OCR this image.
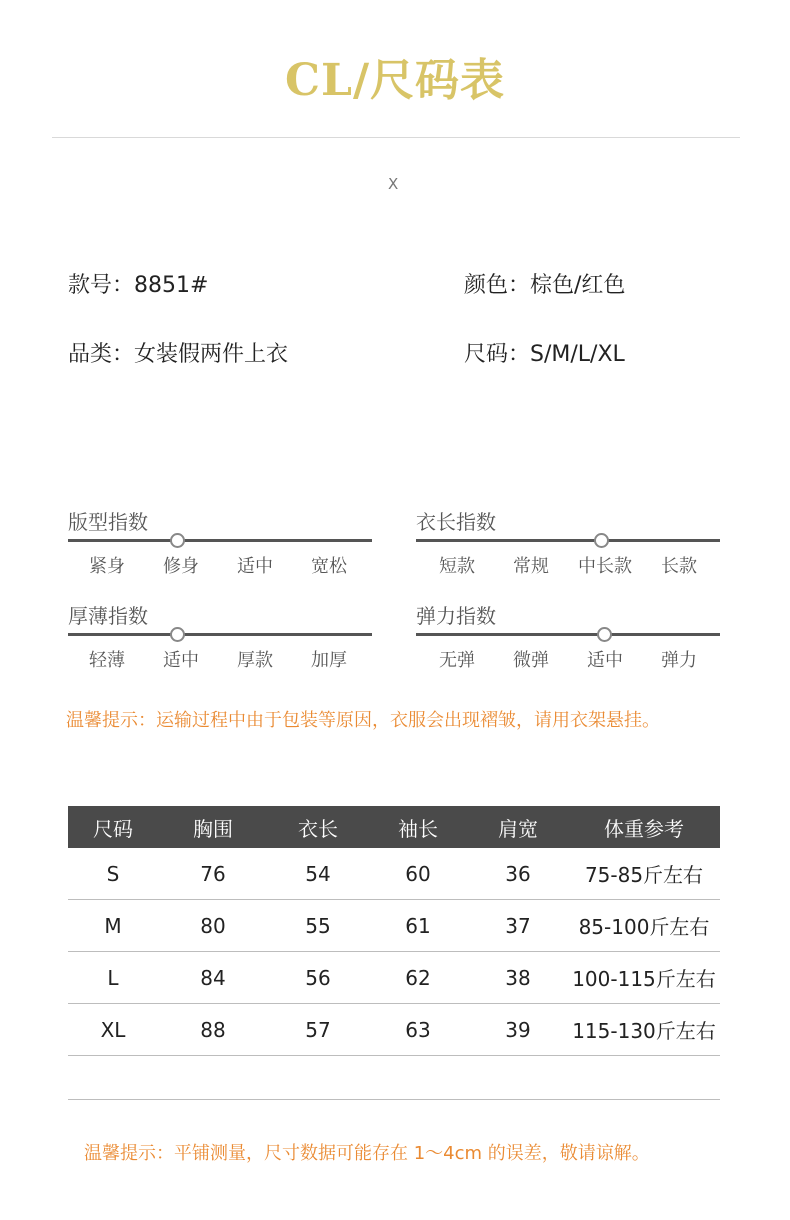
CL/尺码表
X
款号：8851#	颜色：棕色/红色
品类：女装假两件上衣	尺码：S/M/L/XL
版型指数
紧身	修身	适中	宽松
衣长指数
短款	常规	中长款	长款
厚薄指数
轻薄	适中	厚款	加厚
弹力指数
无弹	微弹	适中	弹力
温馨提示：运输过程中由于包装等原因，衣服会出现褶皱，请用衣架悬挂。
尺码	胸围	衣长	袖长	肩宽	体重参考
S	76	54	60	36	75-85斤左右
M	80	55	61	37	85-100斤左右
L	84	56	62	38	100-115斤左右
XL	88	57	63	39	115-130斤左右
温馨提示：平铺测量，尺寸数据可能存在 1～4cm 的误差，敬请谅解。
